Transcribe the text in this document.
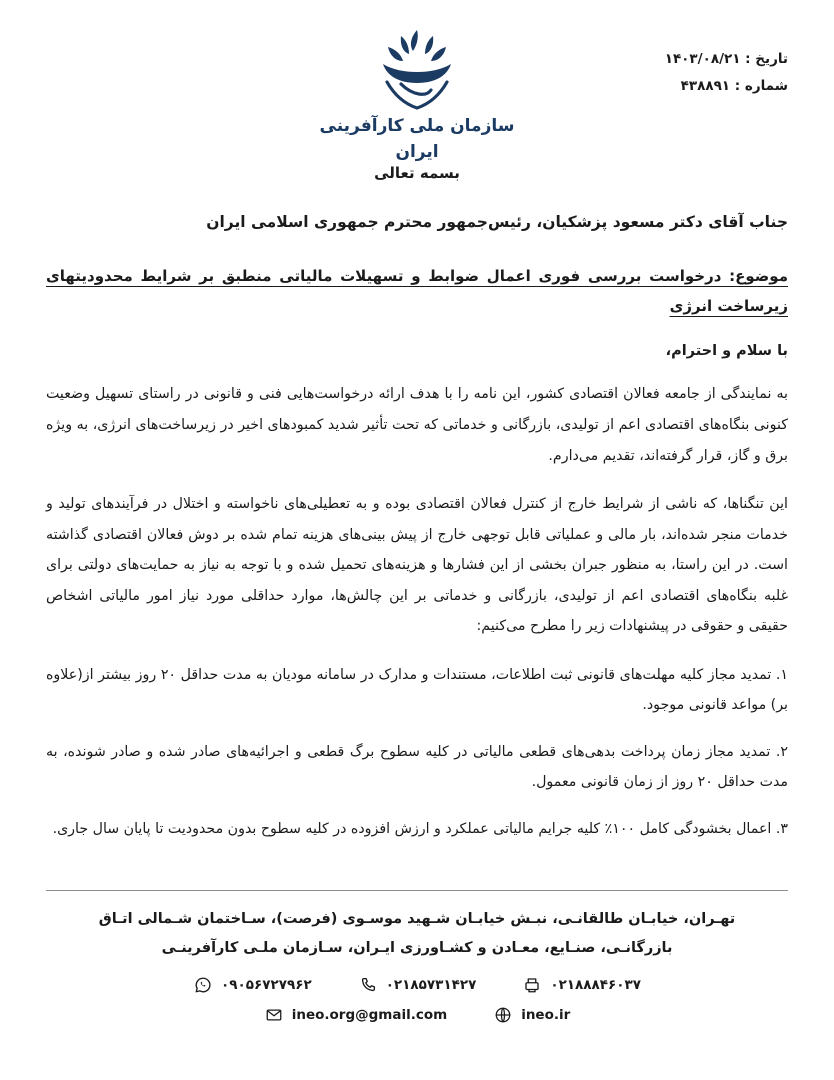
تاریخ : ۱۴۰۳/۰۸/۲۱
شماره : ۴۳۸۸۹۱
سازمان ملی کارآفرینی ایران
بسمه تعالی
جناب آقای دکتر مسعود پزشکیان، رئیس‌جمهور محترم جمهوری اسلامی ایران
موضوع: درخواست بررسی فوری اعمال ضوابط و تسهیلات مالیاتی منطبق بر شرایط محدودیتهای زیرساخت انرژی
با سلام و احترام،

به نمایندگی از جامعه فعالان اقتصادی کشور، این نامه را با هدف ارائه درخواست‌هایی فنی و قانونی در راستای تسهیل وضعیت کنونی بنگاه‌های اقتصادی اعم از تولیدی، بازرگانی و خدماتی که تحت تأثیر شدید کمبودهای اخیر در زیرساخت‌های انرژی، به ویژه برق و گاز، قرار گرفته‌اند، تقدیم می‌دارم.

این تنگناها، که ناشی از شرایط خارج از کنترل فعالان اقتصادی بوده و به تعطیلی‌های ناخواسته و اختلال در فرآیندهای تولید و خدمات منجر شده‌اند، بار مالی و عملیاتی قابل توجهی خارج از پیش بینی‌های هزینه تمام شده بر دوش فعالان اقتصادی گذاشته است. در این راستا، به منظور جبران بخشی از این فشارها و هزینه‌های تحمیل شده و با توجه به نیاز به حمایت‌های دولتی برای غلبه بنگاه‌های اقتصادی اعم از تولیدی، بازرگانی و خدماتی بر این چالش‌ها، موارد حداقلی مورد نیاز امور مالیاتی اشخاص حقیقی و حقوقی در پیشنهادات زیر را مطرح می‌کنیم:

۱. تمدید مجاز کلیه مهلت‌های قانونی ثبت اطلاعات، مستندات و مدارک در سامانه مودیان به مدت حداقل ۲۰ روز بیشتر از(علاوه بر) مواعد قانونی موجود.
۲. تمدید مجاز زمان پرداخت بدهی‌های قطعی مالیاتی در کلیه سطوح برگ قطعی و اجرائیه‌های صادر شده و صادر شونده، به مدت حداقل ۲۰ روز از زمان قانونی معمول.
۳. اعمال بخشودگی کامل ۱۰۰٪ کلیه جرایم مالیاتی عملکرد و ارزش افزوده در کلیه سطوح بدون محدودیت تا پایان سال جاری.
تهـران، خیابـان طالقانـی، نبـش خیابـان شـهید موسـوی (فرصت)، سـاختمان شـمالی اتـاق بازرگانـی، صنـایع، معـادن و کشـاورزی ایـران، سـازمان ملـی کارآفرینـی
۰۲۱۸۸۸۴۶۰۳۷
۰۲۱۸۵۷۳۱۴۲۷
۰۹۰۵۶۷۲۷۹۶۲
ineo.ir
ineo.org@gmail.com
